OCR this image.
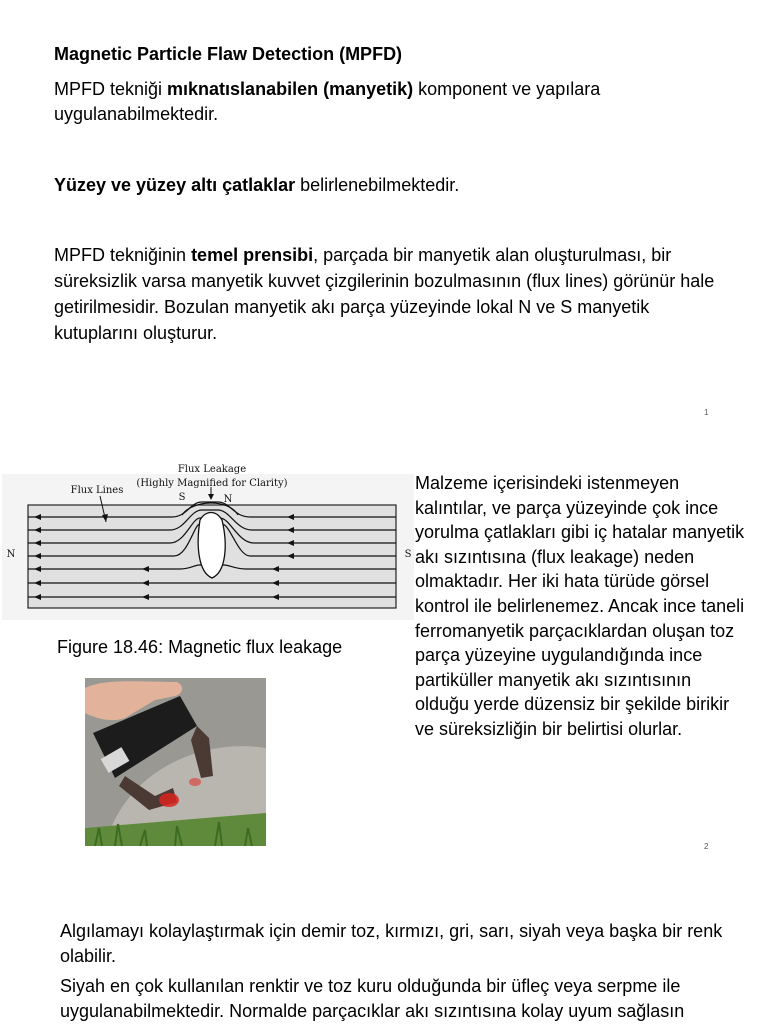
Magnetic Particle Flaw Detection (MPFD)

MPFD tekniği mıknatıslanabilen (manyetik) komponent ve yapılara uygulanabilmektedir.

Yüzey ve yüzey altı çatlaklar belirlenebilmektedir.

MPFD tekniğinin temel prensibi, parçada bir manyetik alan oluşturulması, bir süreksizlik varsa manyetik kuvvet çizgilerinin bozulmasının (flux lines) görünür hale getirilmesidir. Bozulan manyetik akı parça yüzeyinde lokal N ve S manyetik kutuplarını oluşturur.

1
Flux Leakage
(Highly Magnified for Clarity)
Flux Lines
S	N
N	S

Figure 18.46: Magnetic flux leakage

Malzeme içerisindeki istenmeyen kalıntılar, ve parça yüzeyinde çok ince yorulma çatlakları gibi iç hatalar manyetik akı sızıntısına (flux leakage) neden olmaktadır. Her iki hata türüde görsel kontrol ile belirlenemez. Ancak ince taneli ferromanyetik parçacıklardan oluşan toz parça yüzeyine uygulandığında ince partiküller manyetik akı sızıntısının olduğu yerde düzensiz bir şekilde birikir ve süreksizliğin bir belirtisi olurlar.

2

Algılamayı kolaylaştırmak için demir toz, kırmızı, gri, sarı, siyah veya başka bir renk olabilir.

Siyah en çok kullanılan renktir ve toz kuru olduğunda bir üfleç veya serpme ile uygulanabilmektedir. Normalde parçacıklar akı sızıntısına kolay uyum sağlasın
